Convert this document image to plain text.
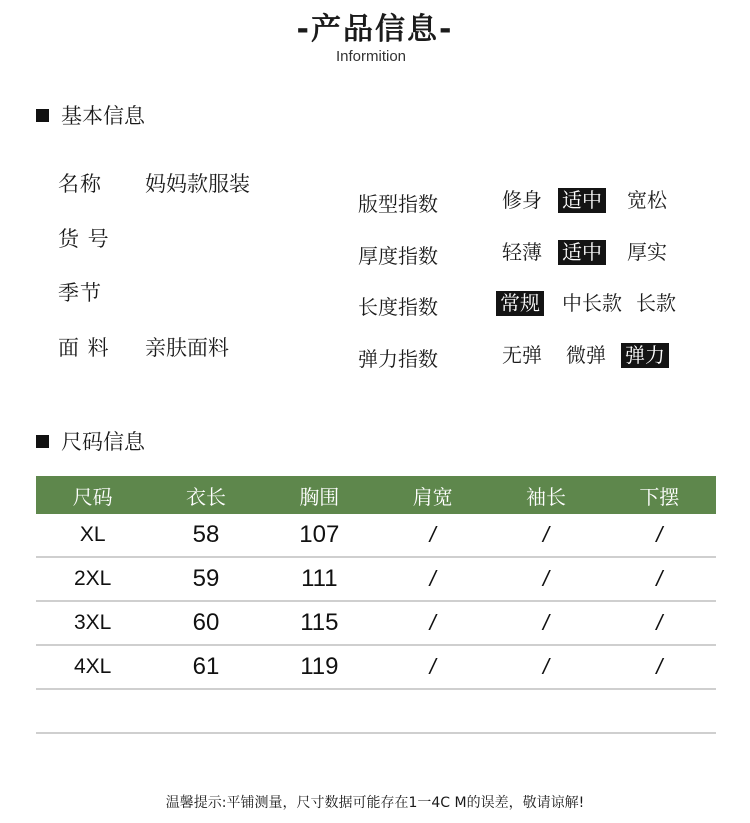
-产品信息-
Informition
基本信息
名称 妈妈款服装
货 号
季节
面 料 亲肤面料
版型指数	修身 适中 宽松
厚度指数	轻薄 适中 厚实
长度指数	常规 中长款 长款
弹力指数	无弹 微弹 弹力
尺码信息
尺码	衣长	胸围	肩宽	袖长	下摆
XL	58	107	/	/	/
2XL	59	111	/	/	/
3XL	60	115	/	/	/
4XL	61	119	/	/	/

温馨提示:平铺测量，尺寸数据可能存在1一4C M的误差，敬请谅解!
